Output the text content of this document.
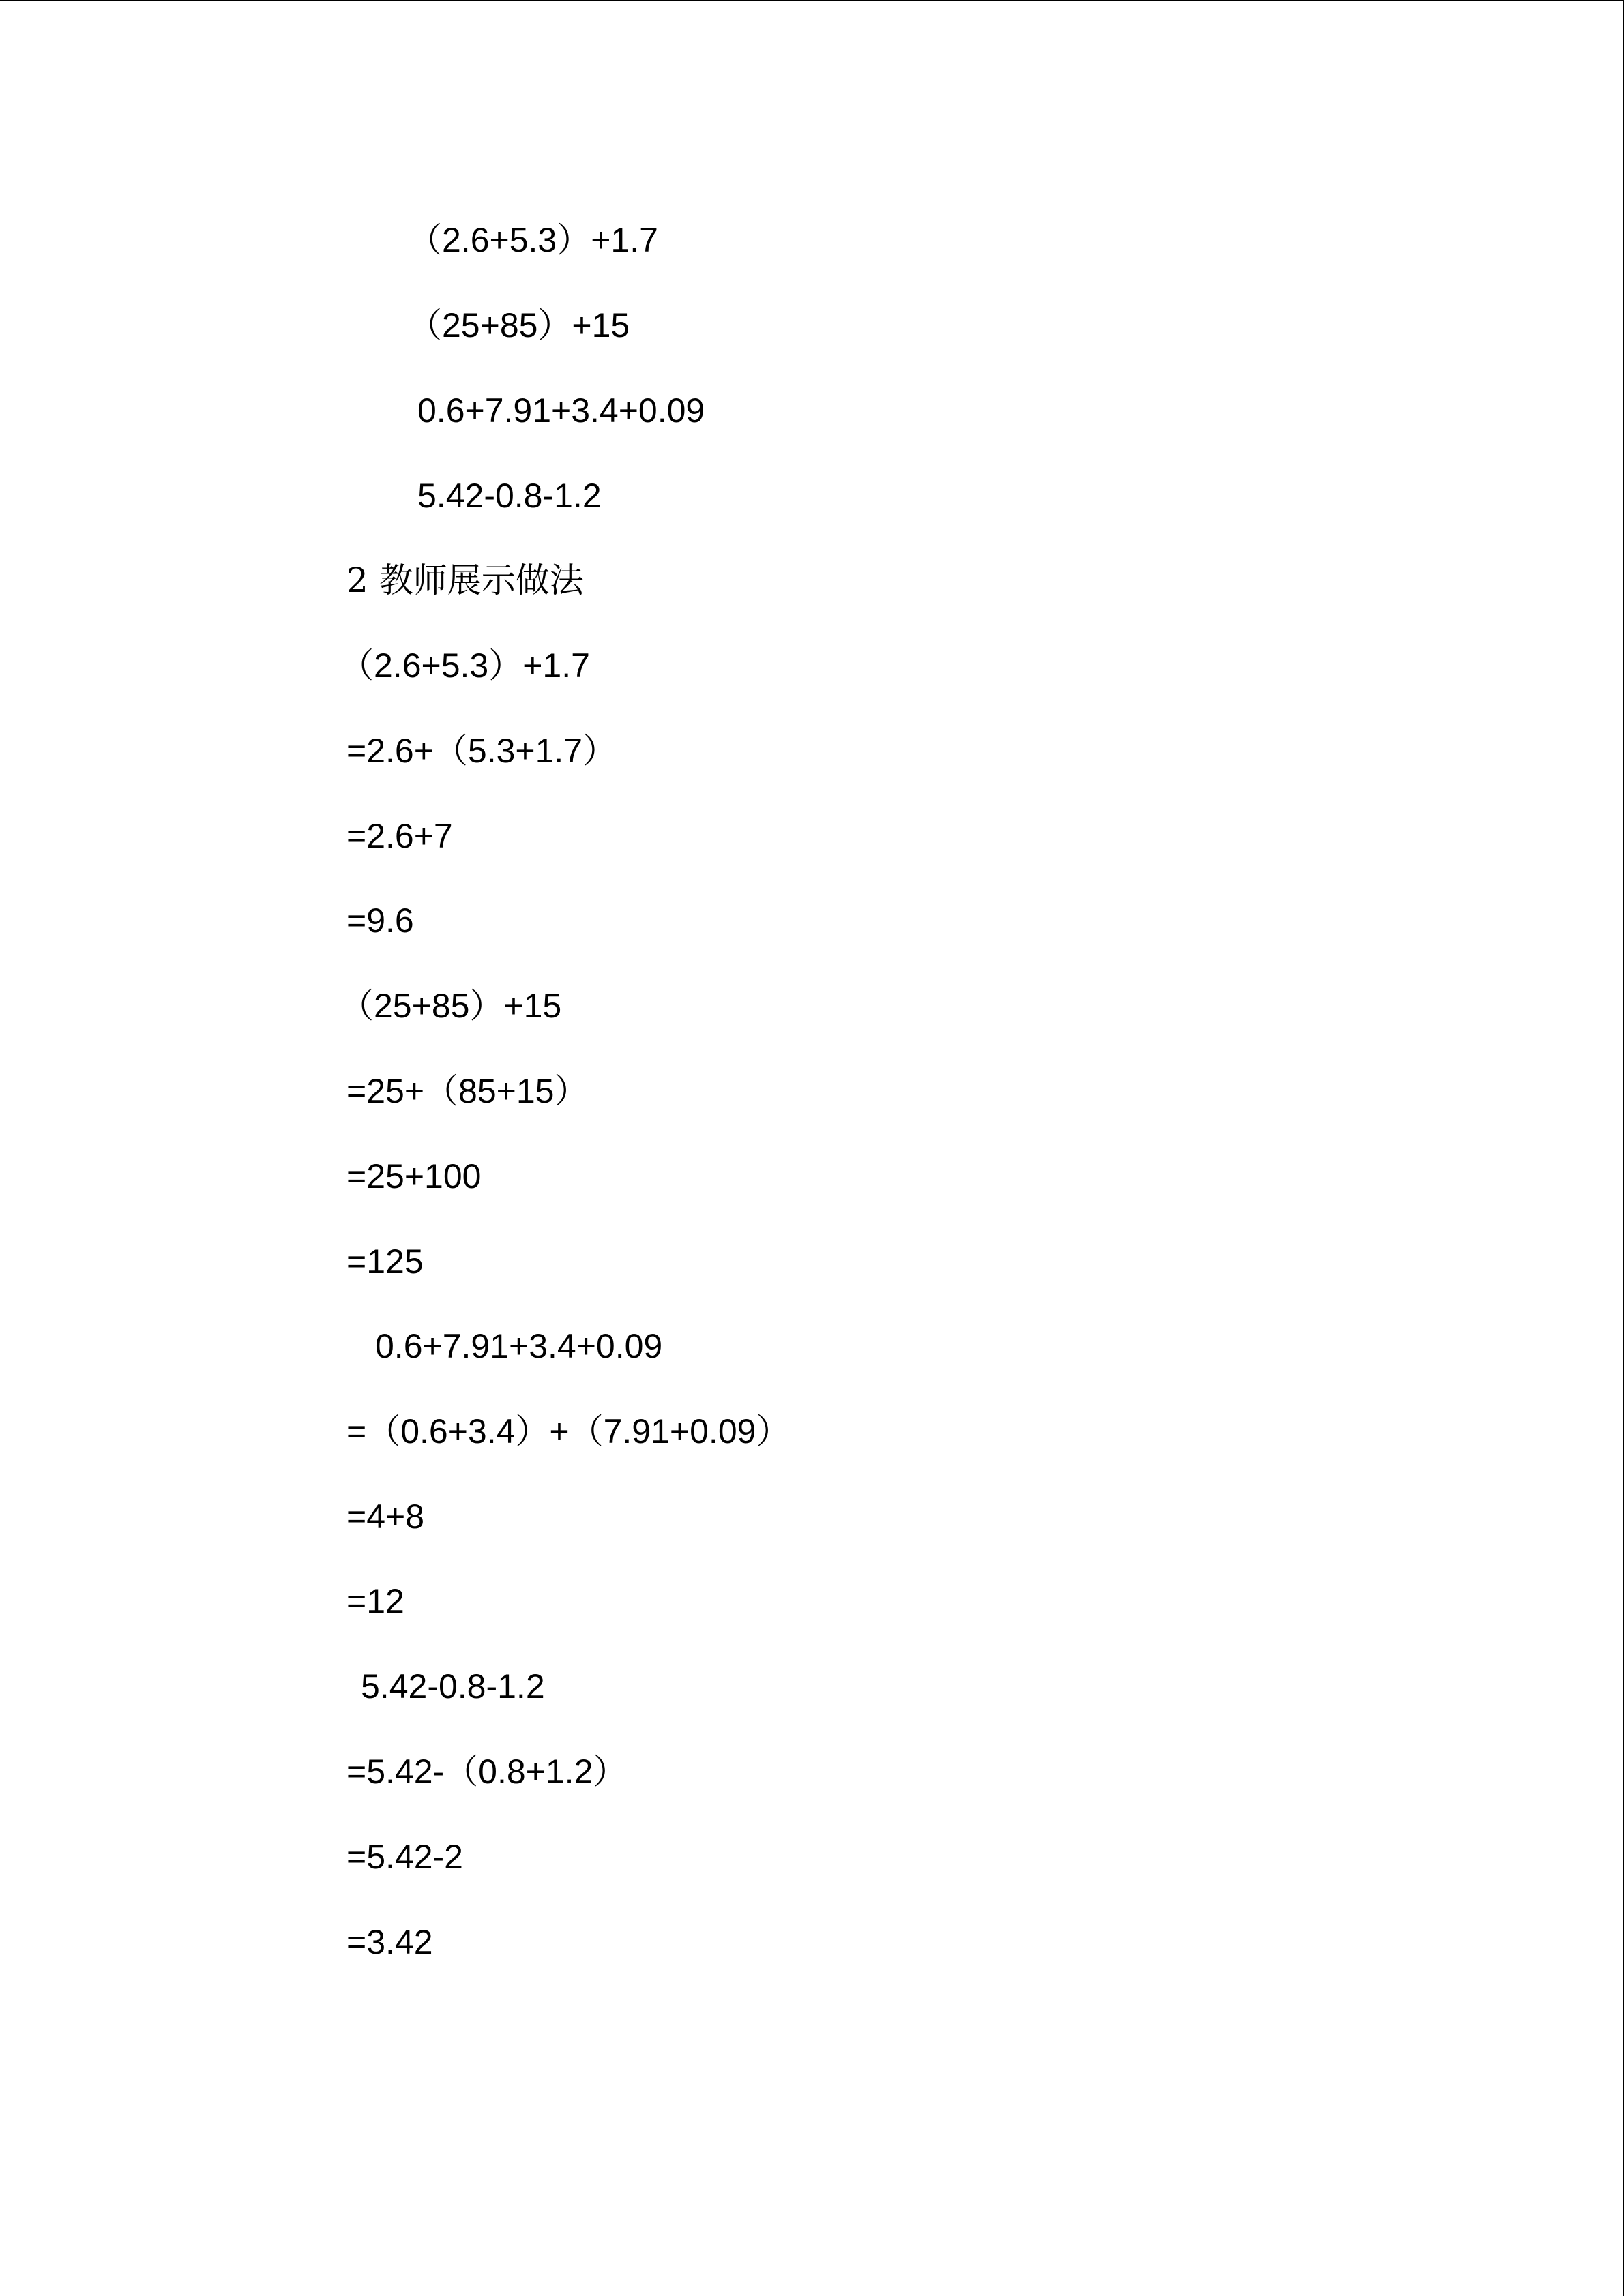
（2.6+5.3）+1.7
（25+85）+15
0.6+7.91+3.4+0.09
5.42-0.8-1.2
2 教师展示做法
（2.6+5.3）+1.7
=2.6+（5.3+1.7）
=2.6+7
=9.6
（25+85）+15
=25+（85+15）
=25+100
=125
0.6+7.91+3.4+0.09
=（0.6+3.4）+（7.91+0.09）
=4+8
=12
5.42-0.8-1.2
=5.42-（0.8+1.2）
=5.42-2
=3.42
